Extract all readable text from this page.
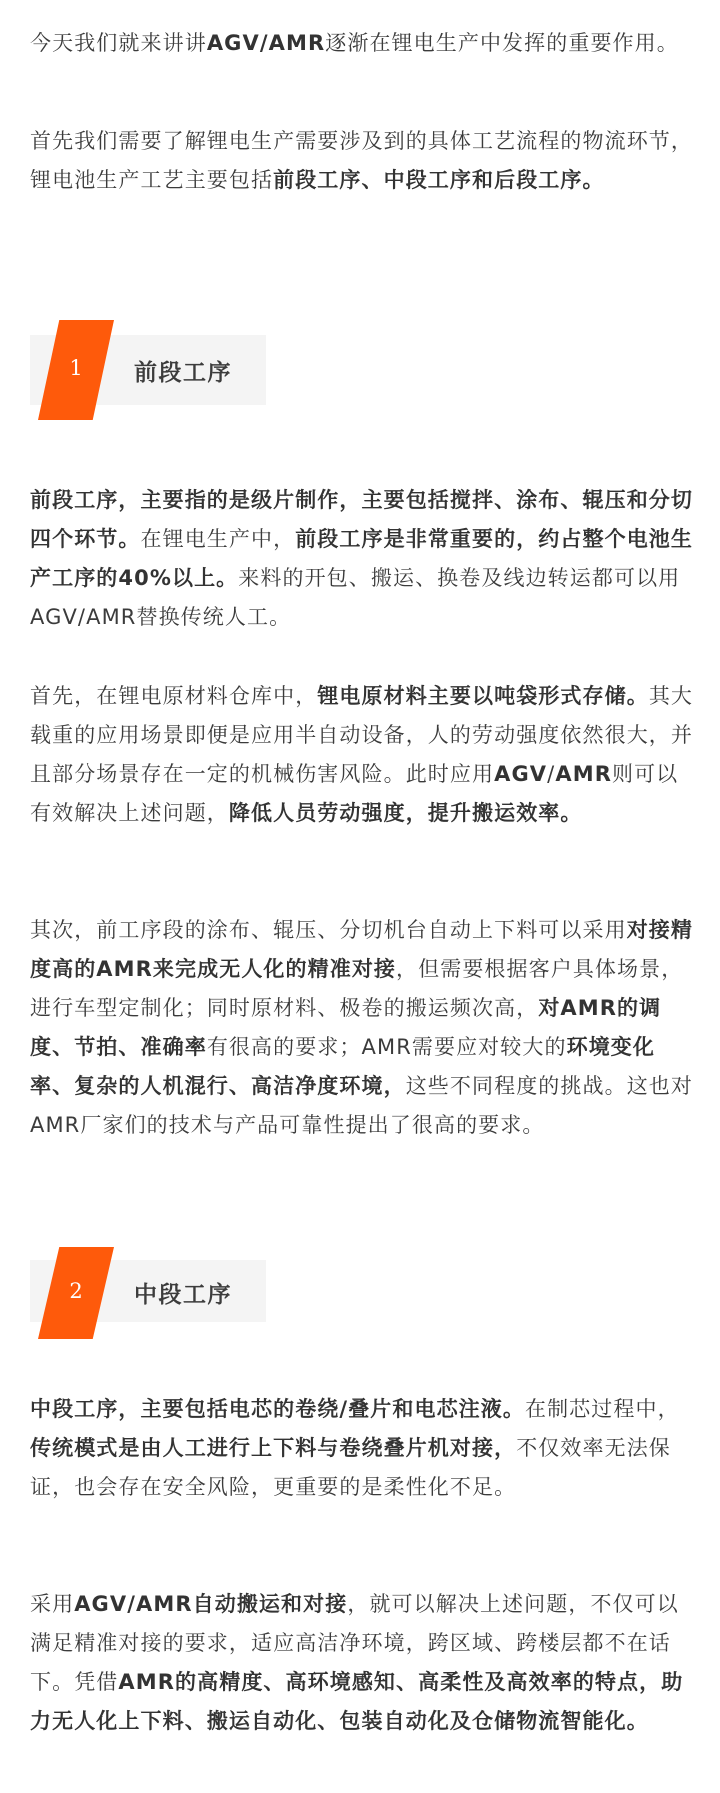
今天我们就来讲讲AGV/AMR逐渐在锂电生产中发挥的重要作用。

首先我们需要了解锂电生产需要涉及到的具体工艺流程的物流环节，锂电池生产工艺主要包括前段工序、中段工序和后段工序。

1	前段工序

前段工序，主要指的是级片制作，主要包括搅拌、涂布、辊压和分切四个环节。在锂电生产中，前段工序是非常重要的，约占整个电池生产工序的40%以上。来料的开包、搬运、换卷及线边转运都可以用AGV/AMR替换传统人工。

首先，在锂电原材料仓库中，锂电原材料主要以吨袋形式存储。其大载重的应用场景即便是应用半自动设备，人的劳动强度依然很大，并且部分场景存在一定的机械伤害风险。此时应用AGV/AMR则可以有效解决上述问题，降低人员劳动强度，提升搬运效率。

其次，前工序段的涂布、辊压、分切机台自动上下料可以采用对接精度高的AMR来完成无人化的精准对接，但需要根据客户具体场景，进行车型定制化；同时原材料、极卷的搬运频次高，对AMR的调度、节拍、准确率有很高的要求；AMR需要应对较大的环境变化率、复杂的人机混行、高洁净度环境，这些不同程度的挑战。这也对AMR厂家们的技术与产品可靠性提出了很高的要求。

2	中段工序

中段工序，主要包括电芯的卷绕/叠片和电芯注液。在制芯过程中，传统模式是由人工进行上下料与卷绕叠片机对接，不仅效率无法保证，也会存在安全风险，更重要的是柔性化不足。

采用AGV/AMR自动搬运和对接，就可以解决上述问题，不仅可以满足精准对接的要求，适应高洁净环境，跨区域、跨楼层都不在话下。凭借AMR的高精度、高环境感知、高柔性及高效率的特点，助力无人化上下料、搬运自动化、包装自动化及仓储物流智能化。
